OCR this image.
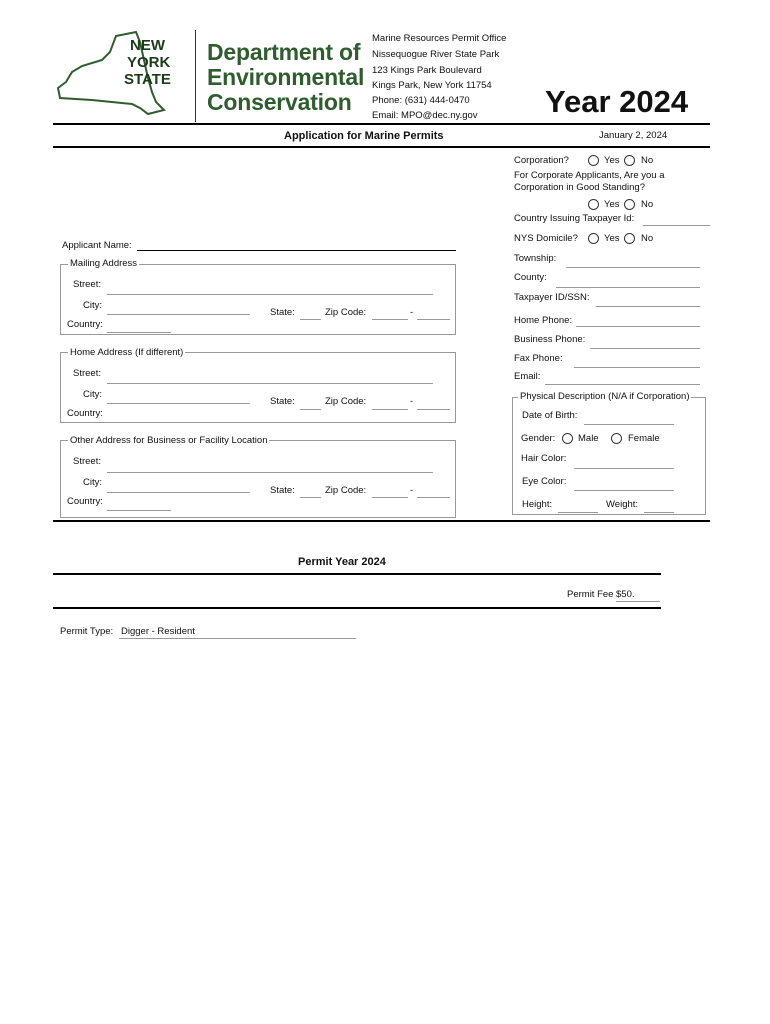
NEW
YORK
STATE
Department of
Environmental
Conservation
Marine Resources Permit Office
Nissequogue River State Park
123 Kings Park Boulevard
Kings Park, New York 11754
Phone: (631) 444-0470
Email: MPO@dec.ny.gov Year 2024
Application for Marine Permits	January 2, 2024
Corporation?	Yes No
For Corporate Applicants, Are you a
Corporation in Good Standing?
Yes No
Country Issuing Taxpayer Id:
NYS Domicile?	Yes No
Township:
County:
Taxpayer ID/SSN:
Home Phone:
Business Phone:
Fax Phone:
Email:
Physical Description (N/A if Corporation)
Date of Birth:
Gender: Male	Female
Hair Color:
Eye Color:
Height:	Weight:
Applicant Name:
Mailing Address
Street:
City:
State:	Zip Code:	-
Country:
Home Address (If different)
Street:
City:
State:	Zip Code:	-
Country:
Other Address for Business or Facility Location
Street:
City:
State:	Zip Code:	-
Country:
Permit Year 2024
Permit Fee $50.
Permit Type: Digger - Resident
